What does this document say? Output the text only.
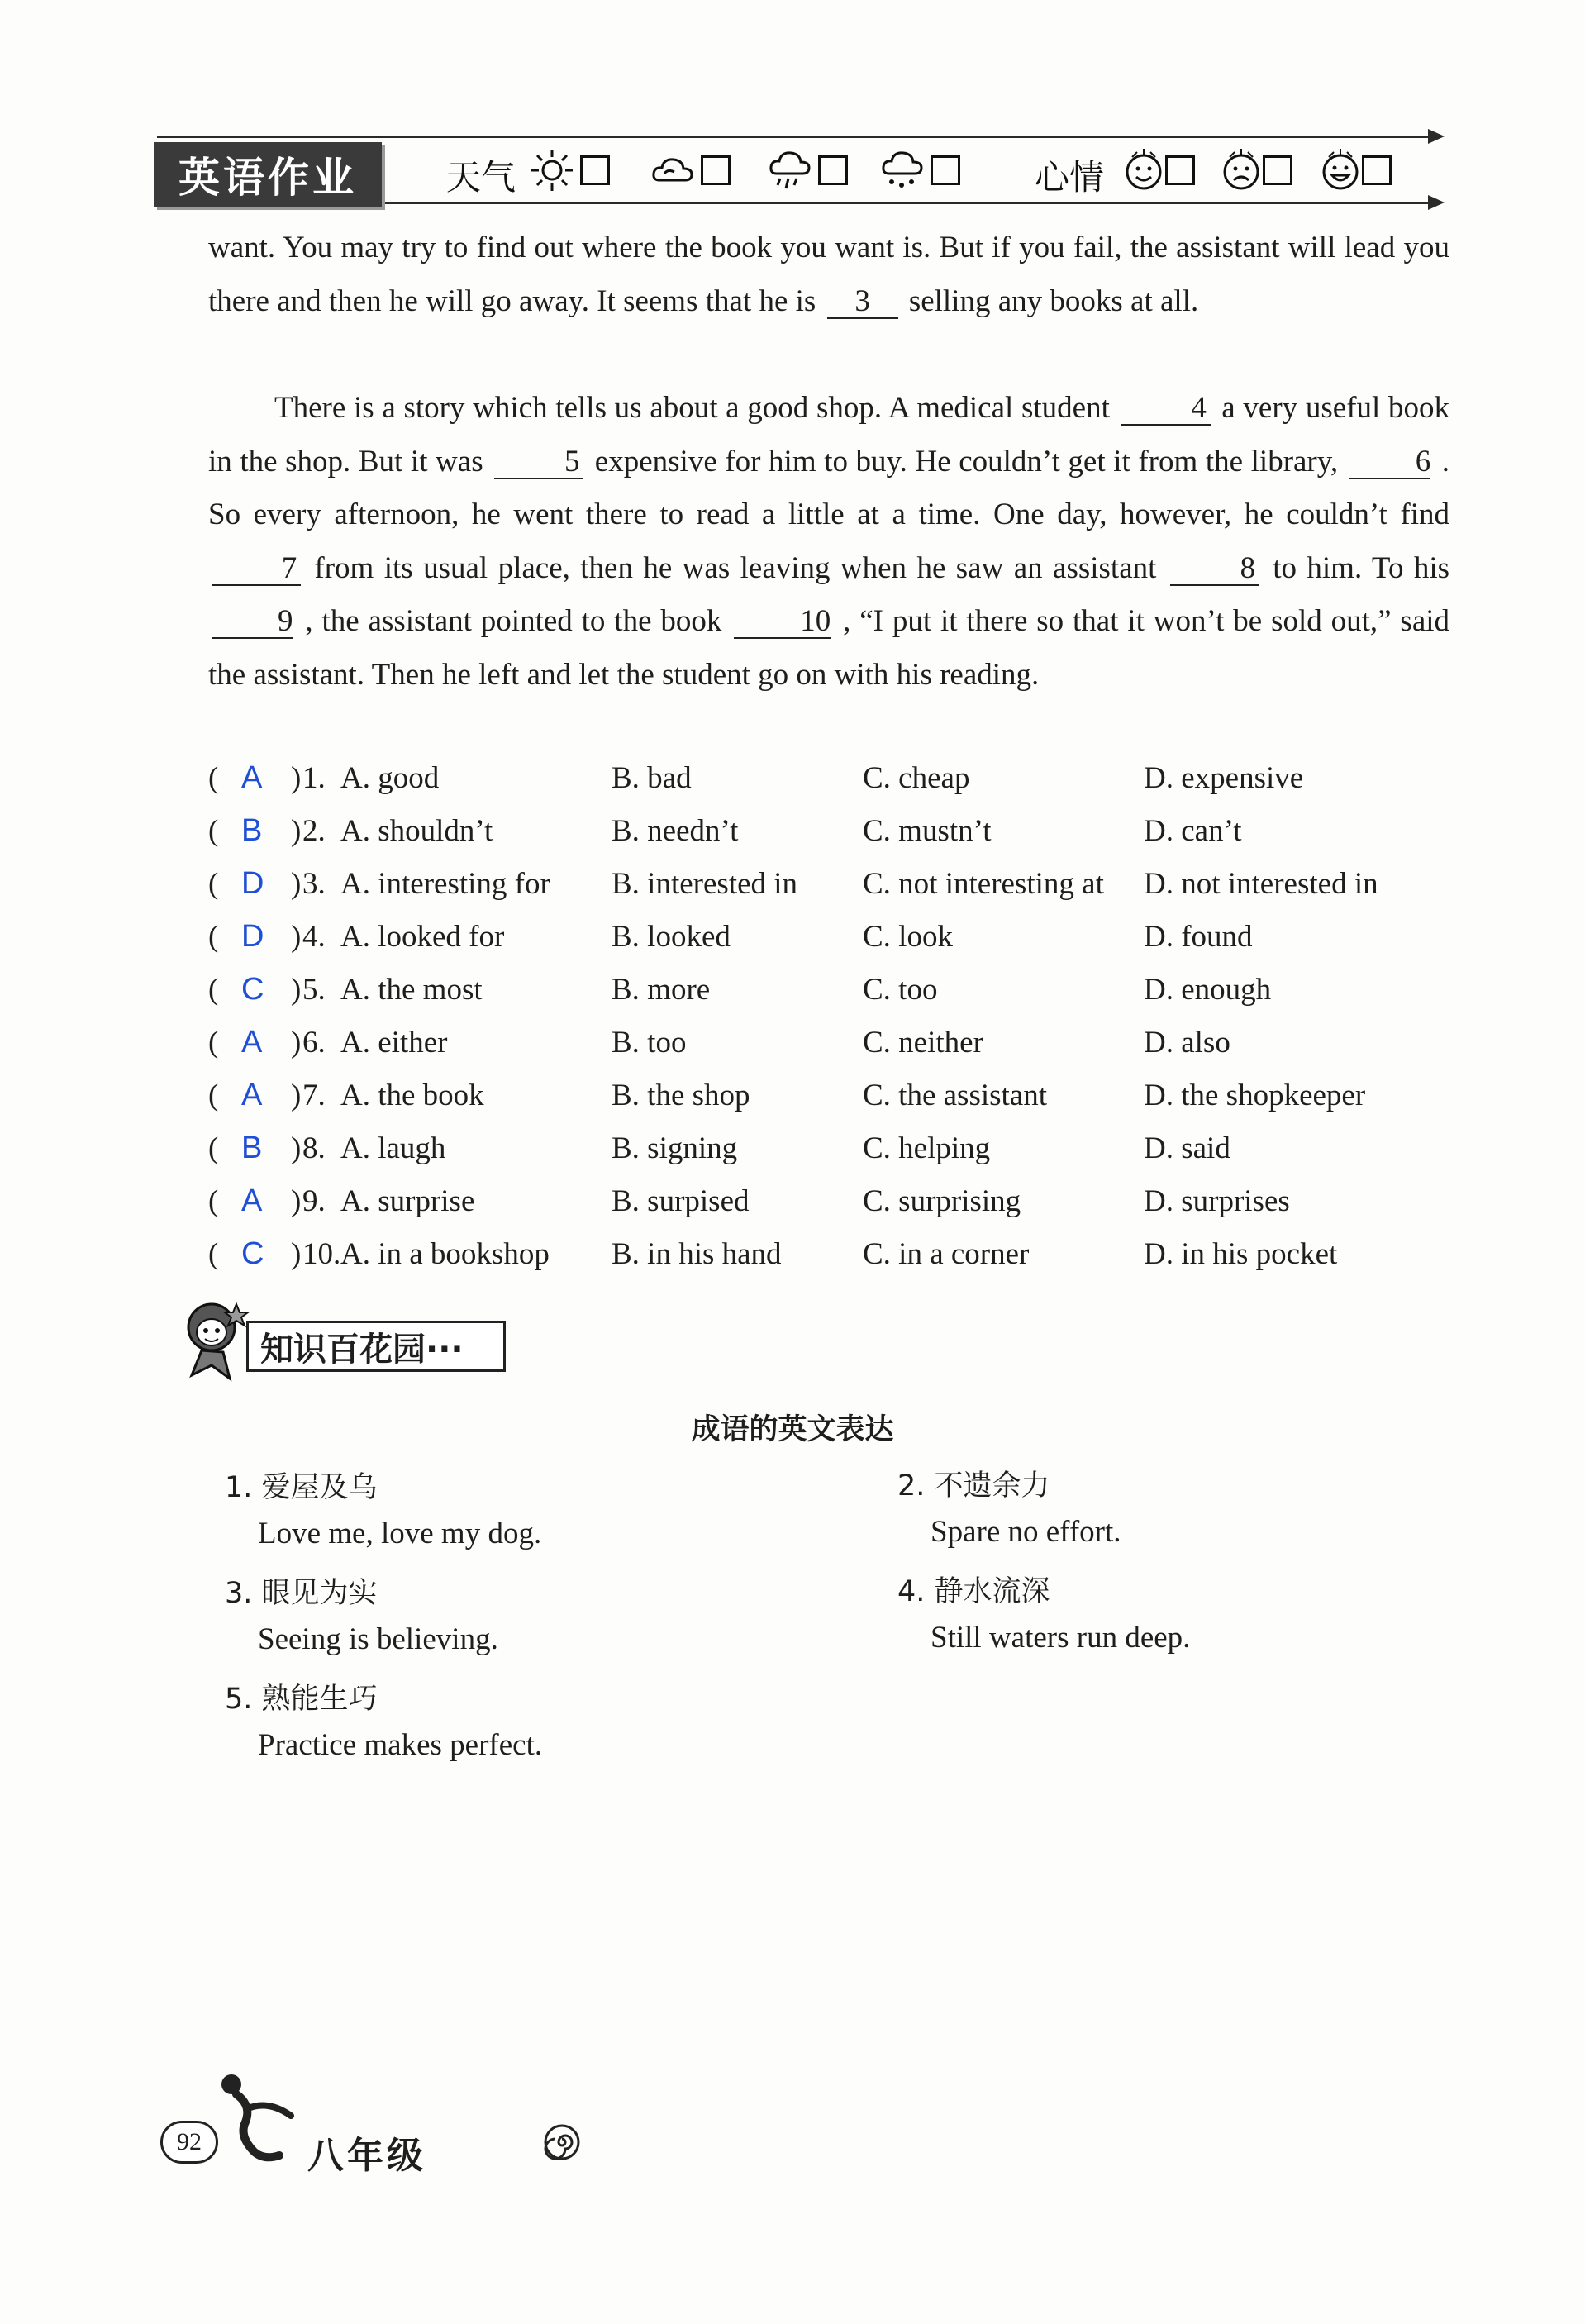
英语作业	天气	心情
want. You may try to find out where the book you want is. But if you fail, the assistant will lead you there and then he will go away. It seems that he is 3 selling any books at all.
There is a story which tells us about a good shop. A medical student	4 a very useful book in the shop. But it was	5 expensive for him to buy. He couldn’t get it from the library,	6 . So every afternoon, he went there to read a little at a time. One day, however, he couldn’t find 7 from its usual place, then he was leaving when he saw an assistant	8 to him. To his 9 , the assistant pointed to the book	10 , “I put it there so that it won’t be sold out,” said the assistant. Then he left and let the student go on with his reading.
( A ) 1. A. good	B. bad	C. cheap	D. expensive
( B ) 2. A. shouldn’t	B. needn’t	C. mustn’t	D. can’t
( D ) 3. A. interesting for B. interested in C. not interesting at D. not interested in
( D ) 4. A. looked for	B. looked	C. look	D. found
( C ) 5. A. the most	B. more	C. too	D. enough
( A ) 6. A. either	B. too	C. neither	D. also
( A ) 7. A. the book	B. the shop	C. the assistant	D. the shopkeeper
( B ) 8. A. laugh	B. signing	C. helping	D. said
( A ) 9. A. surprise	B. surpised	C. surprising	D. surprises
( C ) 10. A. in a bookshop B. in his hand	C. in a corner	D. in his pocket
知识百花园···
成语的英文表达
1. 爱屋及乌
Love me, love my dog.
2. 不遗余力
Spare no effort.
3. 眼见为实
Seeing is believing.
4. 静水流深
Still waters run deep.
5. 熟能生巧
Practice makes perfect.
92	八年级
